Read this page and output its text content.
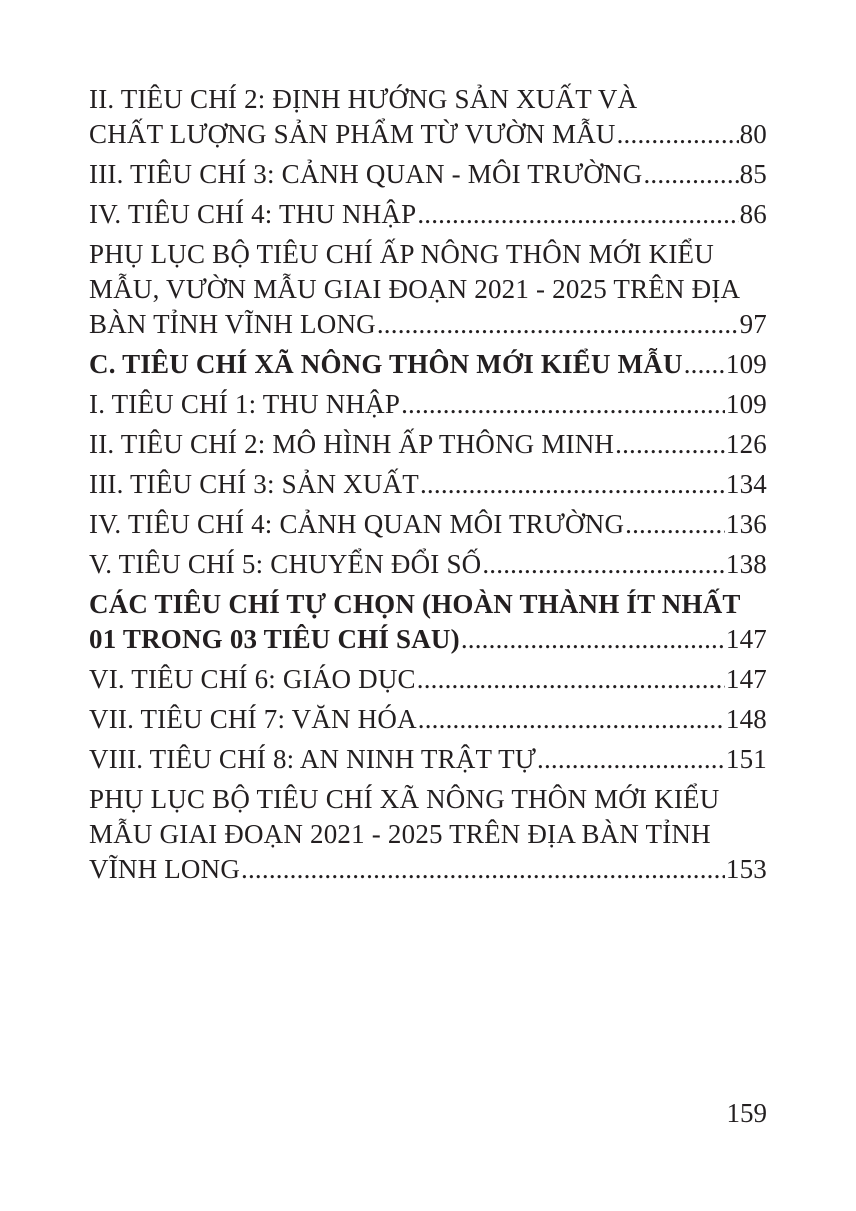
II. TIÊU CHÍ 2: ĐỊNH HƯỚNG SẢN XUẤT VÀ
CHẤT LƯỢNG SẢN PHẨM TỪ VƯỜN MẪU .....	80
III. TIÊU CHÍ 3: CẢNH QUAN - MÔI TRƯỜNG .....	85
IV. TIÊU CHÍ 4: THU NHẬP .....	86
PHỤ LỤC BỘ TIÊU CHÍ ẤP NÔNG THÔN MỚI KIỂU
MẪU, VƯỜN MẪU GIAI ĐOẠN 2021 - 2025 TRÊN ĐỊA
BÀN TỈNH VĨNH LONG .....	97
C. TIÊU CHÍ XÃ NÔNG THÔN MỚI KIỂU MẪU ..... 109
I. TIÊU CHÍ 1: THU NHẬP .....	109
II. TIÊU CHÍ 2: MÔ HÌNH ẤP THÔNG MINH .....	126
III. TIÊU CHÍ 3: SẢN XUẤT .....	134
IV. TIÊU CHÍ 4: CẢNH QUAN MÔI TRƯỜNG .....	136
V. TIÊU CHÍ 5: CHUYỂN ĐỔI SỐ .....	138
CÁC TIÊU CHÍ TỰ CHỌN (HOÀN THÀNH ÍT NHẤT
01 TRONG 03 TIÊU CHÍ SAU) .....	147
VI. TIÊU CHÍ 6: GIÁO DỤC .....	147
VII. TIÊU CHÍ 7: VĂN HÓA .....	148
VIII. TIÊU CHÍ 8: AN NINH TRẬT TỰ .....	151
PHỤ LỤC BỘ TIÊU CHÍ XÃ NÔNG THÔN MỚI KIỂU
MẪU GIAI ĐOẠN 2021 - 2025 TRÊN ĐỊA BÀN TỈNH
VĨNH LONG .....	153
159
